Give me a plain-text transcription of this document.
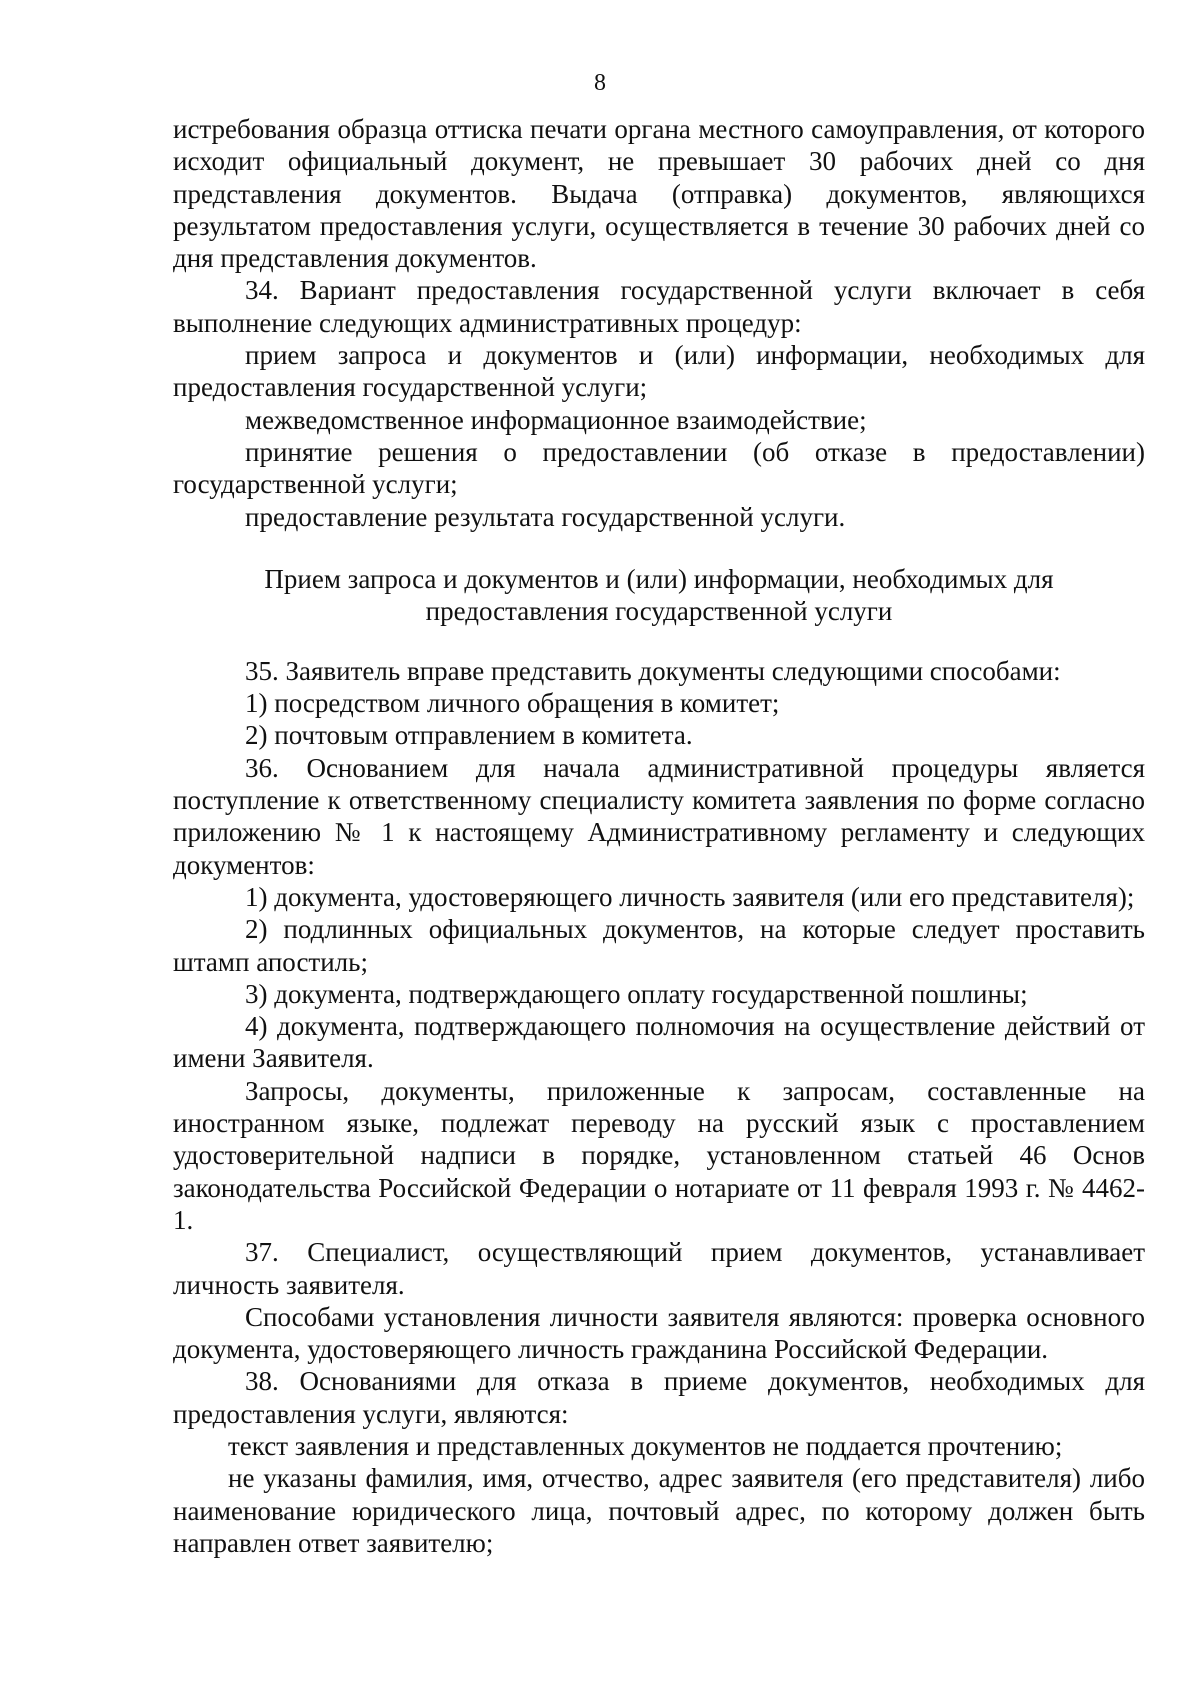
8

истребования образца оттиска печати органа местного самоуправления, от которого исходит официальный документ, не превышает 30 рабочих дней со дня представления документов. Выдача (отправка) документов, являющихся результатом предоставления услуги, осуществляется в течение 30 рабочих дней со дня представления документов.

34. Вариант предоставления государственной услуги включает в себя выполнение следующих административных процедур:

прием запроса и документов и (или) информации, необходимых для предоставления государственной услуги;

межведомственное информационное взаимодействие;

принятие решения о предоставлении (об отказе в предоставлении) государственной услуги;

предоставление результата государственной услуги.

Прием запроса и документов и (или) информации, необходимых для
предоставления государственной услуги

35. Заявитель вправе представить документы следующими способами:

1) посредством личного обращения в комитет;

2) почтовым отправлением в комитета.

36. Основанием для начала административной процедуры является поступление к ответственному специалисту комитета заявления по форме согласно приложению № 1 к настоящему Административному регламенту и следующих документов:

1) документа, удостоверяющего личность заявителя (или его представителя);

2) подлинных официальных документов, на которые следует проставить штамп апостиль;

3) документа, подтверждающего оплату государственной пошлины;

4) документа, подтверждающего полномочия на осуществление действий от имени Заявителя.

Запросы, документы, приложенные к запросам, составленные на иностранном языке, подлежат переводу на русский язык с проставлением удостоверительной надписи в порядке, установленном статьей 46 Основ законодательства Российской Федерации о нотариате от 11 февраля 1993 г. № 4462-1.

37. Специалист, осуществляющий прием документов, устанавливает личность заявителя.

Способами установления личности заявителя являются: проверка основного документа, удостоверяющего личность гражданина Российской Федерации.

38. Основаниями для отказа в приеме документов, необходимых для предоставления услуги, являются:

текст заявления и представленных документов не поддается прочтению;

не указаны фамилия, имя, отчество, адрес заявителя (его представителя) либо наименование юридического лица, почтовый адрес, по которому должен быть направлен ответ заявителю;
